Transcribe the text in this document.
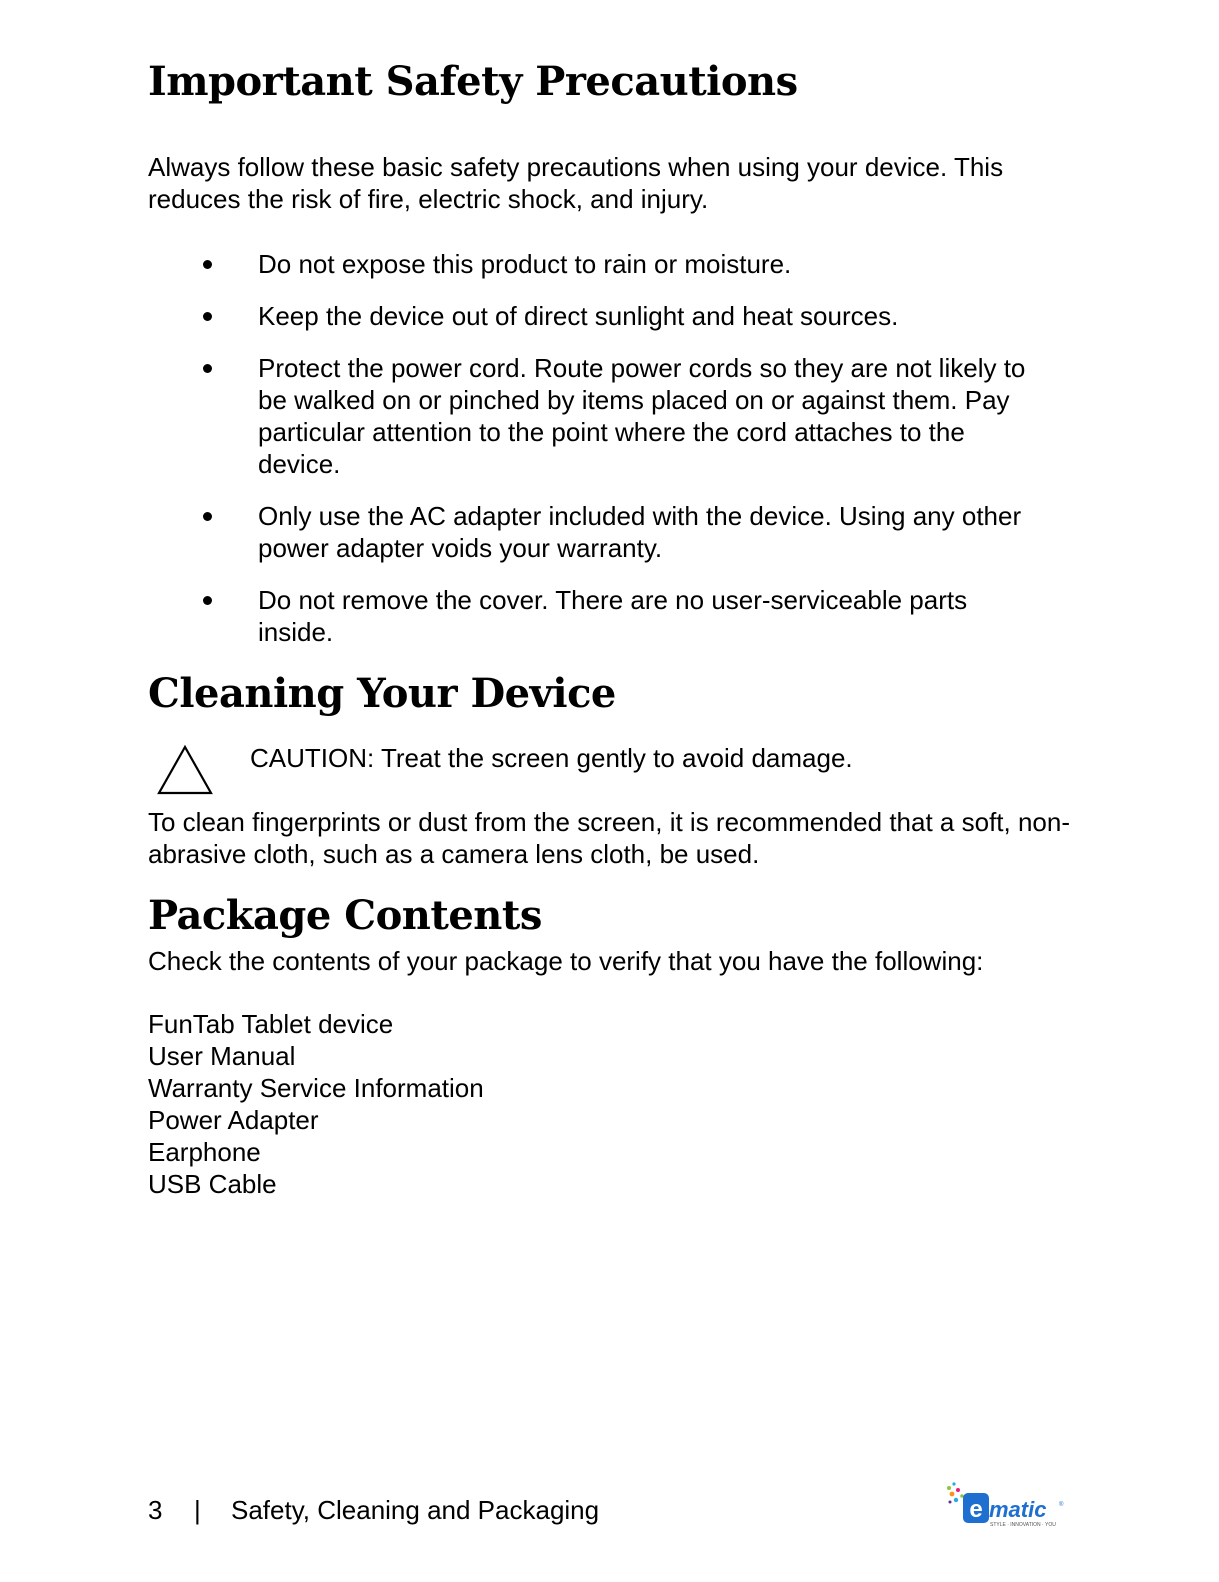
Important Safety Precautions

Always follow these basic safety precautions when using your device. This reduces the risk of fire, electric shock, and injury.

Do not expose this product to rain or moisture.
Keep the device out of direct sunlight and heat sources.
Protect the power cord. Route power cords so they are not likely to be walked on or pinched by items placed on or against them. Pay particular attention to the point where the cord attaches to the device.
Only use the AC adapter included with the device. Using any other power adapter voids your warranty.
Do not remove the cover. There are no user-serviceable parts inside.
Cleaning Your Device
CAUTION: Treat the screen gently to avoid damage.

To clean fingerprints or dust from the screen, it is recommended that a soft, non-abrasive cloth, such as a camera lens cloth, be used.

Package Contents

Check the contents of your package to verify that you have the following:

FunTab Tablet device
User Manual
Warranty Service Information
Power Adapter
Earphone
USB Cable
3 | Safety, Cleaning and Packaging	e matic ®
STYLE · INNOVATION · YOU
